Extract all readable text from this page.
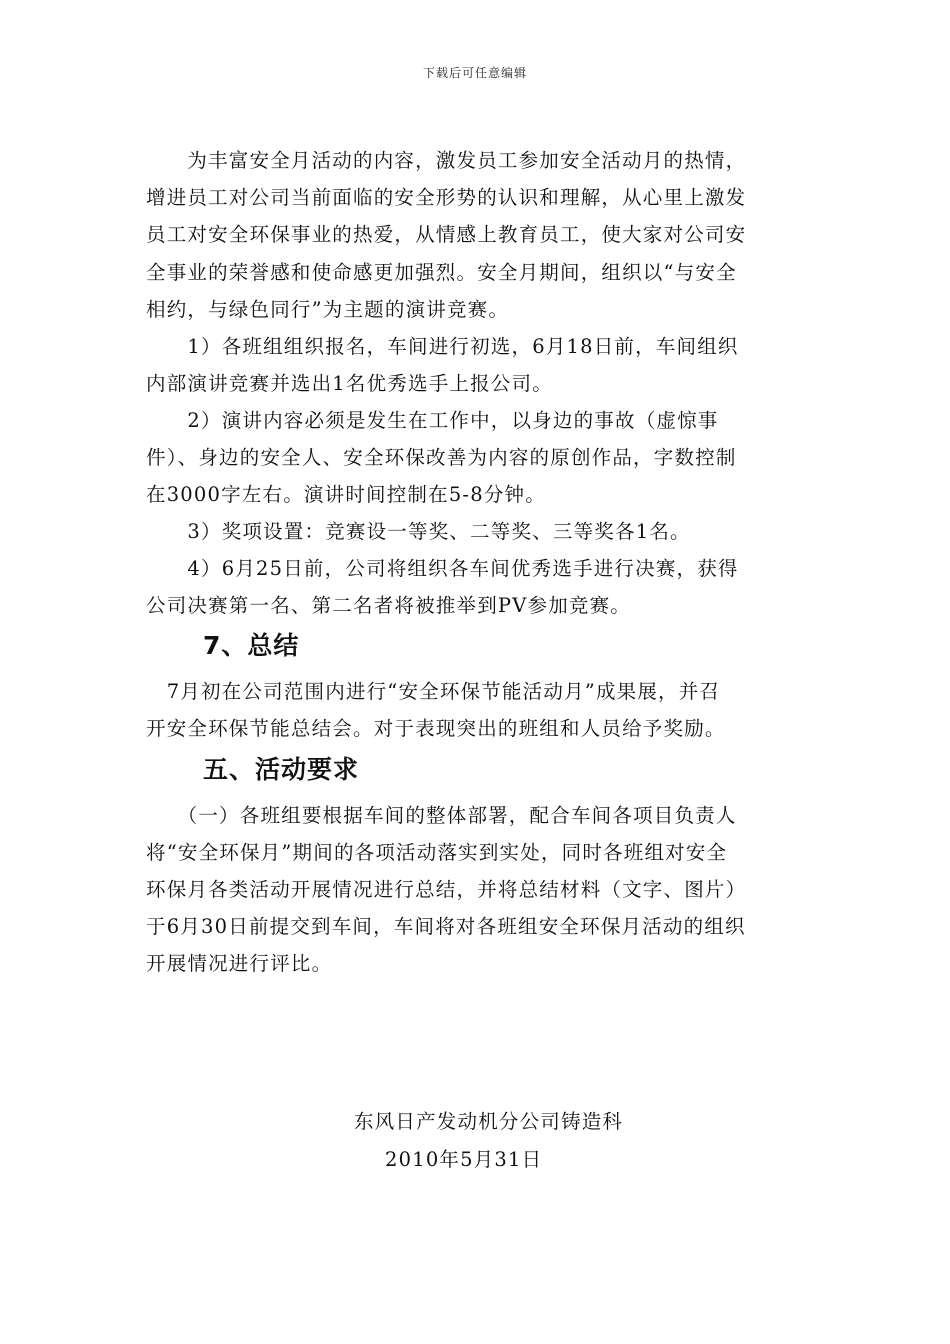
下载后可任意编辑
　　为丰富安全月活动的内容，激发员工参加安全活动月的热情，
增进员工对公司当前面临的安全形势的认识和理解，从心里上激发
员工对安全环保事业的热爱，从情感上教育员工，使大家对公司安
全事业的荣誉感和使命感更加强烈。安全月期间，组织以“与安全
相约，与绿色同行”为主题的演讲竞赛。
　　1）各班组组织报名，车间进行初选，6月18日前，车间组织
内部演讲竞赛并选出1名优秀选手上报公司。
　　2）演讲内容必须是发生在工作中，以身边的事故（虚惊事
件）、身边的安全人、安全环保改善为内容的原创作品，字数控制
在3000字左右。演讲时间控制在5-8分钟。
　　3）奖项设置：竞赛设一等奖、二等奖、三等奖各1名。
　　4）6月25日前，公司将组织各车间优秀选手进行决赛，获得
公司决赛第一名、第二名者将被推举到PV参加竞赛。
7、总结
　7月初在公司范围内进行“安全环保节能活动月”成果展，并召
开安全环保节能总结会。对于表现突出的班组和人员给予奖励。
五、活动要求
　　（一）各班组要根据车间的整体部署，配合车间各项目负责人
将“安全环保月”期间的各项活动落实到实处，同时各班组对安全
环保月各类活动开展情况进行总结，并将总结材料（文字、图片）
于6月30日前提交到车间，车间将对各班组安全环保月活动的组织
开展情况进行评比。
东风日产发动机分公司铸造科
2010年5月31日
